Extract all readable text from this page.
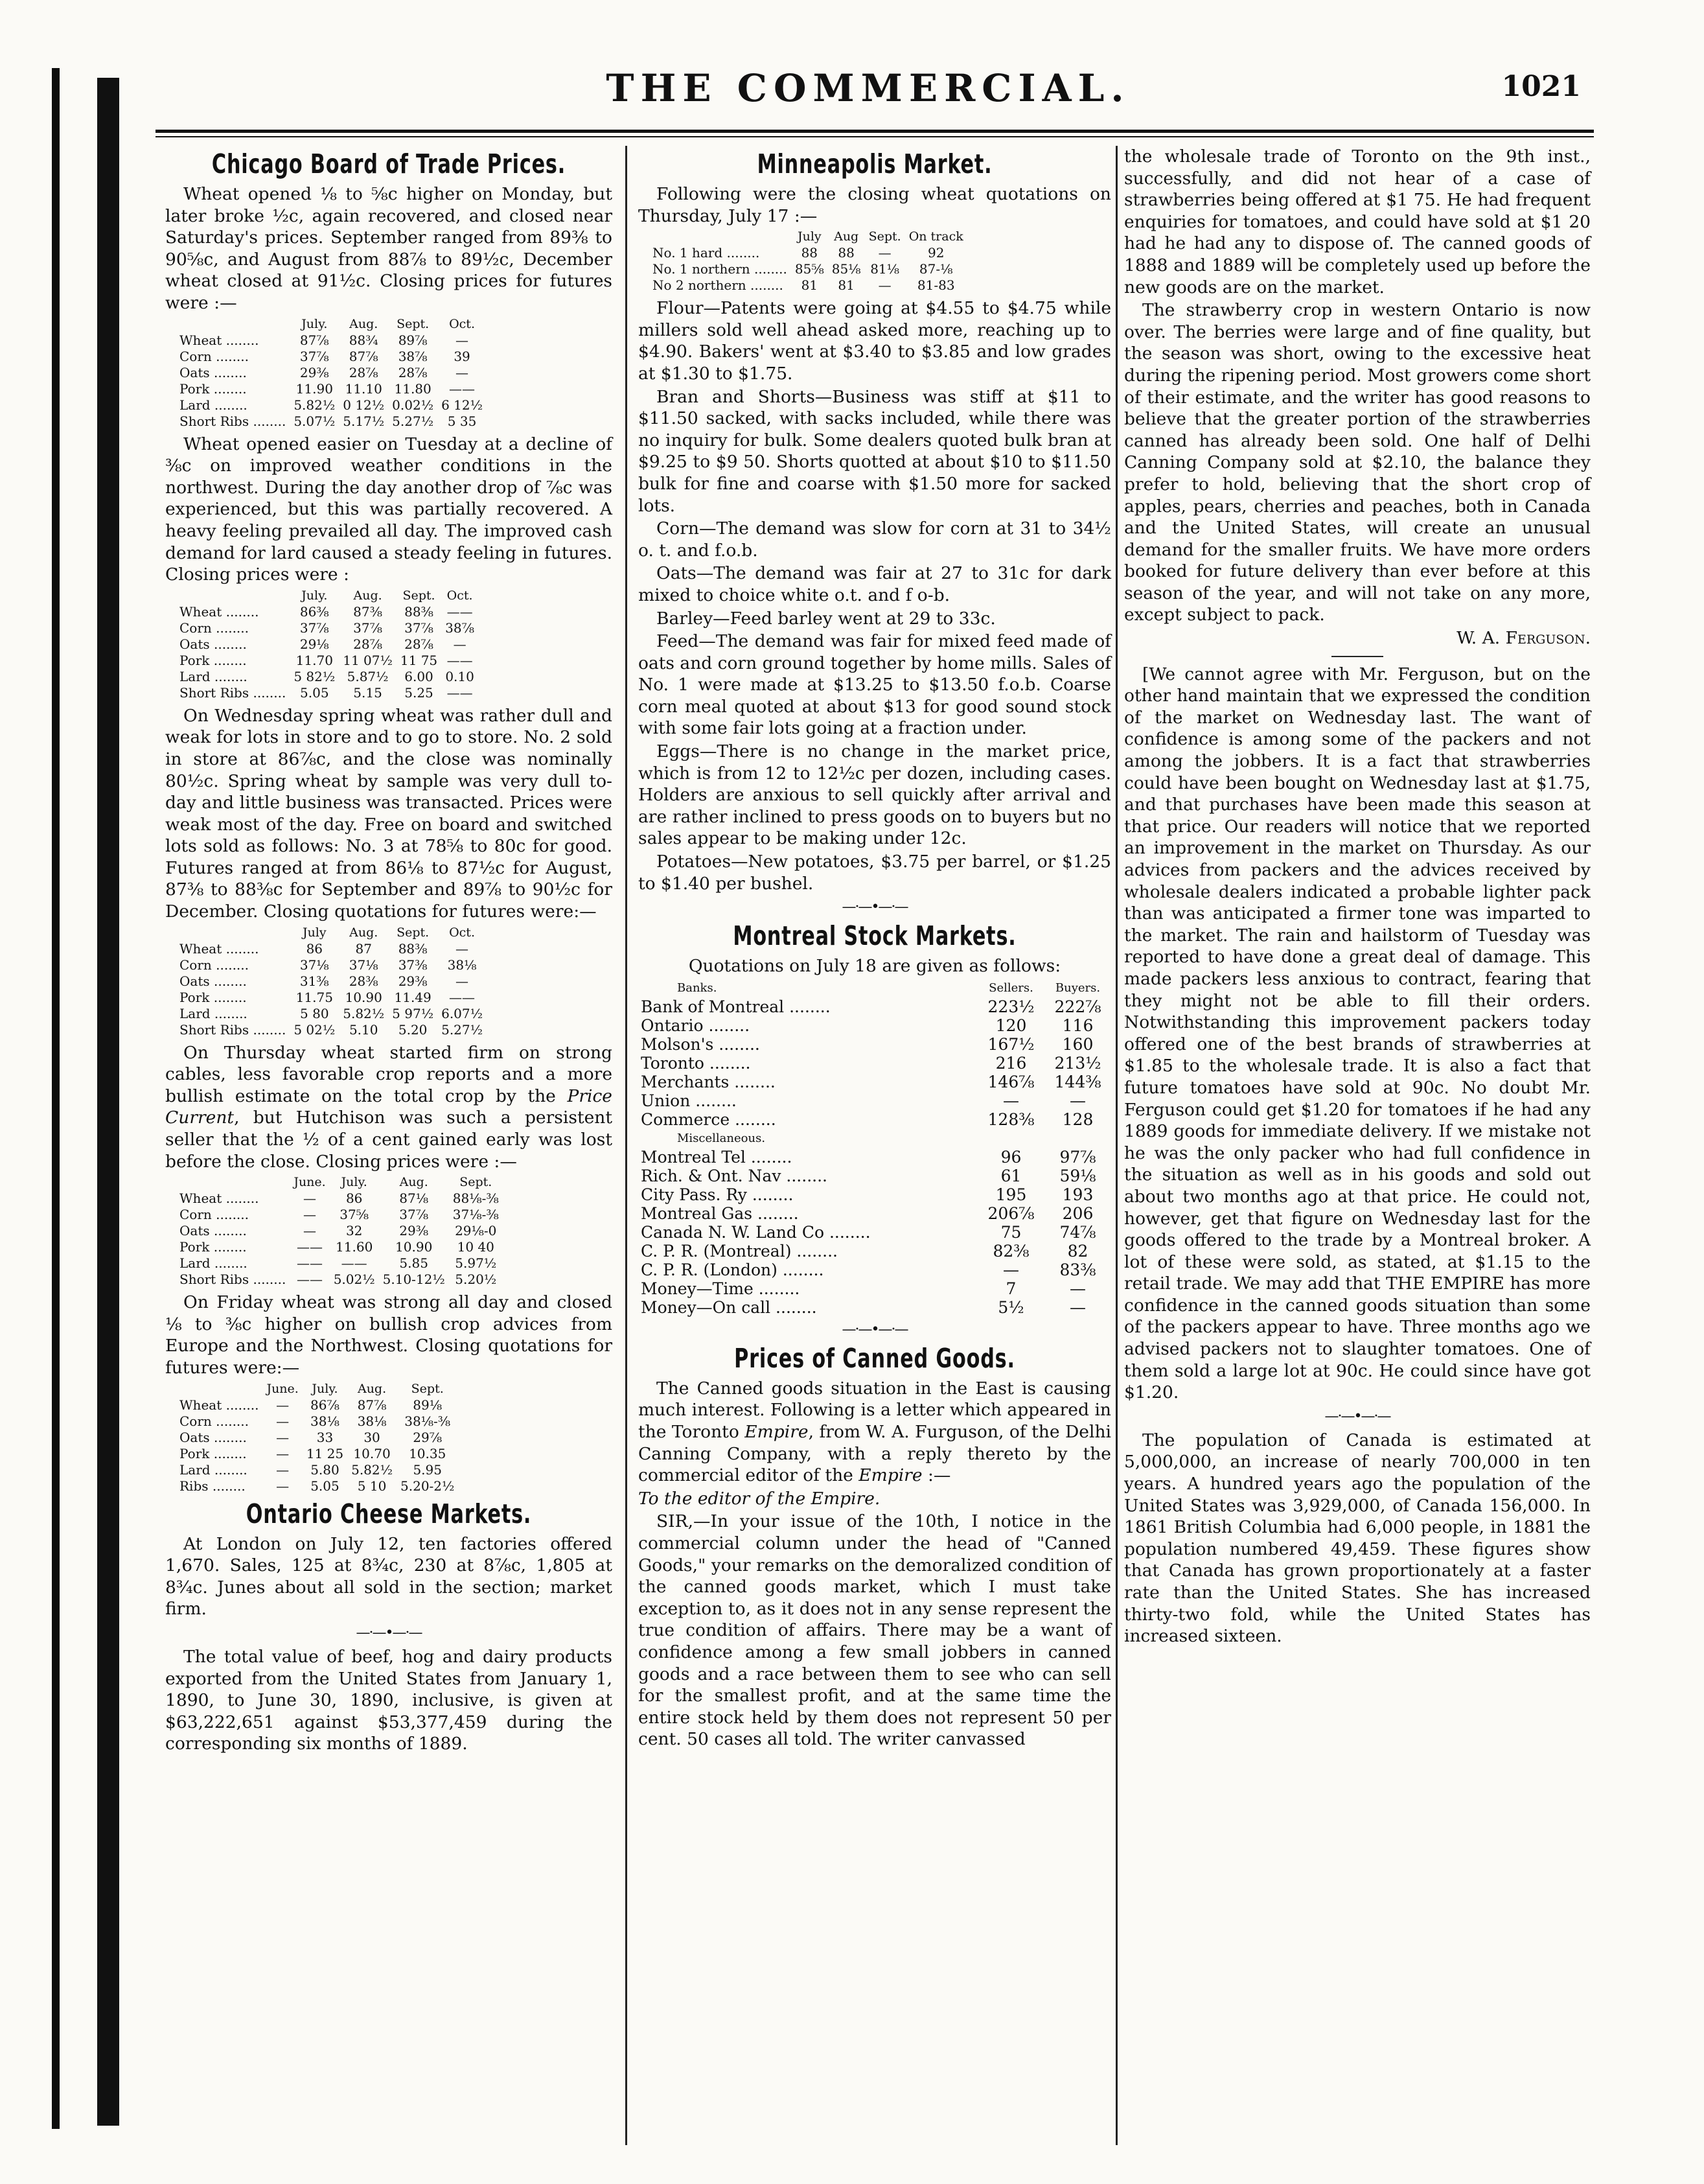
THE COMMERCIAL.	1021
Chicago Board of Trade Prices.

Wheat opened ⅛ to ⅝c higher on Monday, but later broke ½c, again recovered, and closed near Saturday's prices. September ranged from 89⅜ to 90⅝c, and August from 88⅞ to 89½c, December wheat closed at 91½c. Closing prices for futures were :—

	July.	Aug.	Sept.	Oct.
Wheat ........	87⅞	88¾	89⅞	—
Corn ........	37⅞	87⅞	38⅞	39
Oats ........	29⅜	28⅞	28⅞	—
Pork ........	11.90	11.10	11.80	——
Lard ........	5.82½	0 12½	0.02½	6 12½
Short Ribs ........	5.07½	5.17½	5.27½	5 35

Wheat opened easier on Tuesday at a decline of ⅜c on improved weather conditions in the northwest. During the day another drop of ⅞c was experienced, but this was partially recovered. A heavy feeling prevailed all day. The improved cash demand for lard caused a steady feeling in futures. Closing prices were :

	July.	Aug.	Sept.	Oct.
Wheat ........	86⅜	87⅜	88⅜	——
Corn ........	37⅞	37⅞	37⅞	38⅞
Oats ........	29⅛	28⅞	28⅞	—
Pork ........	11.70	11 07½	11 75	——
Lard ........	5 82½	5.87½	6.00	0.10
Short Ribs ........	5.05	5.15	5.25	——

On Wednesday spring wheat was rather dull and weak for lots in store and to go to store. No. 2 sold in store at 86⅞c, and the close was nominally 80½c. Spring wheat by sample was very dull to-day and little business was transacted. Prices were weak most of the day. Free on board and switched lots sold as follows: No. 3 at 78⅝ to 80c for good. Futures ranged at from 86⅛ to 87½c for August, 87⅜ to 88⅜c for September and 89⅞ to 90½c for December. Closing quotations for futures were:—

	July	Aug.	Sept.	Oct.
Wheat ........	86	87	88⅜	—
Corn ........	37⅛	37⅛	37⅜	38⅛
Oats ........	31⅜	28⅜	29⅜	—
Pork ........	11.75	10.90	11.49	——
Lard ........	5 80	5.82½	5 97½	6.07½
Short Ribs ........	5 02½	5.10	5.20	5.27½

On Thursday wheat started firm on strong cables, less favorable crop reports and a more bullish estimate on the total crop by the Price Current, but Hutchison was such a persistent seller that the ½ of a cent gained early was lost before the close. Closing prices were :—

	June.	July.	Aug.	Sept.
Wheat ........	—	86	87⅛	88⅛-⅜
Corn ........	—	37⅝	37⅞	37⅛-⅜
Oats ........	—	32	29⅜	29⅛-0
Pork ........	——	11.60	10.90	10 40
Lard ........	——	——	5.85	5.97½
Short Ribs ........	——	5.02½	5.10-12½	5.20½

On Friday wheat was strong all day and closed ⅛ to ⅜c higher on bullish crop advices from Europe and the Northwest. Closing quotations for futures were:—

	June.	July.	Aug.	Sept.
Wheat ........	—	86⅞	87⅞	89⅛
Corn ........	—	38⅛	38⅛	38⅛-⅜
Oats ........	—	33	30	29⅞
Pork ........	—	11 25	10.70	10.35
Lard ........	—	5.80	5.82½	5.95
Ribs ........	—	5.05	5 10	5.20-2½
Ontario Cheese Markets.

At London on July 12, ten factories offered 1,670. Sales, 125 at 8¾c, 230 at 8⅞c, 1,805 at 8¾c. Junes about all sold in the section; market firm.

—·—•—·—

The total value of beef, hog and dairy products exported from the United States from January 1, 1890, to June 30, 1890, inclusive, is given at $63,222,651 against $53,377,459 during the corresponding six months of 1889.

Minneapolis Market.

Following were the closing wheat quotations on Thursday, July 17 :—

	July	Aug	Sept.	On track
No. 1 hard ........	88	88	—	92
No. 1 northern ........	85⅝	85⅛	81⅛	87-⅛
No 2 northern ........	81	81	—	81-83

Flour—Patents were going at $4.55 to $4.75 while millers sold well ahead asked more, reaching up to $4.90. Bakers' went at $3.40 to $3.85 and low grades at $1.30 to $1.75.

Bran and Shorts—Business was stiff at $11 to $11.50 sacked, with sacks included, while there was no inquiry for bulk. Some dealers quoted bulk bran at $9.25 to $9 50. Shorts quotted at about $10 to $11.50 bulk for fine and coarse with $1.50 more for sacked lots.

Corn—The demand was slow for corn at 31 to 34½ o. t. and f.o.b.

Oats—The demand was fair at 27 to 31c for dark mixed to choice white o.t. and f o-b.

Barley—Feed barley went at 29 to 33c.

Feed—The demand was fair for mixed feed made of oats and corn ground together by home mills. Sales of No. 1 were made at $13.25 to $13.50 f.o.b. Coarse corn meal quoted at about $13 for good sound stock with some fair lots going at a fraction under.

Eggs—There is no change in the market price, which is from 12 to 12½c per dozen, including cases. Holders are anxious to sell quickly after arrival and are rather inclined to press goods on to buyers but no sales appear to be making under 12c.

Potatoes—New potatoes, $3.75 per barrel, or $1.25 to $1.40 per bushel.

—·—•—·—
Montreal Stock Markets.

Quotations on July 18 are given as follows:

Banks.	Sellers.	Buyers.
Bank of Montreal ........	223½	222⅞
Ontario ........	120	116
Molson's ........	167½	160
Toronto ........	216	213½
Merchants ........	146⅞	144⅜
Union ........	—	—
Commerce ........	128⅜	128
Miscellaneous.		
Montreal Tel ........	96	97⅞
Rich. & Ont. Nav ........	61	59⅛
City Pass. Ry ........	195	193
Montreal Gas ........	206⅞	206
Canada N. W. Land Co ........	75	74⅞
C. P. R. (Montreal) ........	82⅜	82
C. P. R. (London) ........	—	83⅜
Money—Time ........	7	—
Money—On call ........	5½	—
—·—•—·—
Prices of Canned Goods.

The Canned goods situation in the East is causing much interest. Following is a letter which appeared in the Toronto Empire, from W. A. Furguson, of the Delhi Canning Company, with a reply thereto by the commercial editor of the Empire :—

To the editor of the Empire.

SIR,—In your issue of the 10th, I notice in the commercial column under the head of "Canned Goods," your remarks on the demoralized condition of the canned goods market, which I must take exception to, as it does not in any sense represent the true condition of affairs. There may be a want of confidence among a few small jobbers in canned goods and a race between them to see who can sell for the smallest profit, and at the same time the entire stock held by them does not represent 50 per cent. 50 cases all told. The writer canvassed

the wholesale trade of Toronto on the 9th inst., successfully, and did not hear of a case of strawberries being offered at $1 75. He had frequent enquiries for tomatoes, and could have sold at $1 20 had he had any to dispose of. The canned goods of 1888 and 1889 will be completely used up before the new goods are on the market.

The strawberry crop in western Ontario is now over. The berries were large and of fine quality, but the season was short, owing to the excessive heat during the ripening period. Most growers come short of their estimate, and the writer has good reasons to believe that the greater portion of the strawberries canned has already been sold. One half of Delhi Canning Company sold at $2.10, the balance they prefer to hold, believing that the short crop of apples, pears, cherries and peaches, both in Canada and the United States, will create an unusual demand for the smaller fruits. We have more orders booked for future delivery than ever before at this season of the year, and will not take on any more, except subject to pack.

W. A. Ferguson.

[We cannot agree with Mr. Ferguson, but on the other hand maintain that we expressed the condition of the market on Wednesday last. The want of confidence is among some of the packers and not among the jobbers. It is a fact that strawberries could have been bought on Wednesday last at $1.75, and that purchases have been made this season at that price. Our readers will notice that we reported an improvement in the market on Thursday. As our advices from packers and the advices received by wholesale dealers indicated a probable lighter pack than was anticipated a firmer tone was imparted to the market. The rain and hailstorm of Tuesday was reported to have done a great deal of damage. This made packers less anxious to contract, fearing that they might not be able to fill their orders. Notwithstanding this improvement packers today offered one of the best brands of strawberries at $1.85 to the wholesale trade. It is also a fact that future tomatoes have sold at 90c. No doubt Mr. Ferguson could get $1.20 for tomatoes if he had any 1889 goods for immediate delivery. If we mistake not he was the only packer who had full confidence in the situation as well as in his goods and sold out about two months ago at that price. He could not, however, get that figure on Wednesday last for the goods offered to the trade by a Montreal broker. A lot of these were sold, as stated, at $1.15 to the retail trade. We may add that THE EMPIRE has more confidence in the canned goods situation than some of the packers appear to have. Three months ago we advised packers not to slaughter tomatoes. One of them sold a large lot at 90c. He could since have got $1.20.

—·—•—·—

The population of Canada is estimated at 5,000,000, an increase of nearly 700,000 in ten years. A hundred years ago the population of the United States was 3,929,000, of Canada 156,000. In 1861 British Columbia had 6,000 people, in 1881 the population numbered 49,459. These figures show that Canada has grown proportionately at a faster rate than the United States. She has increased thirty-two fold, while the United States has increased sixteen.
